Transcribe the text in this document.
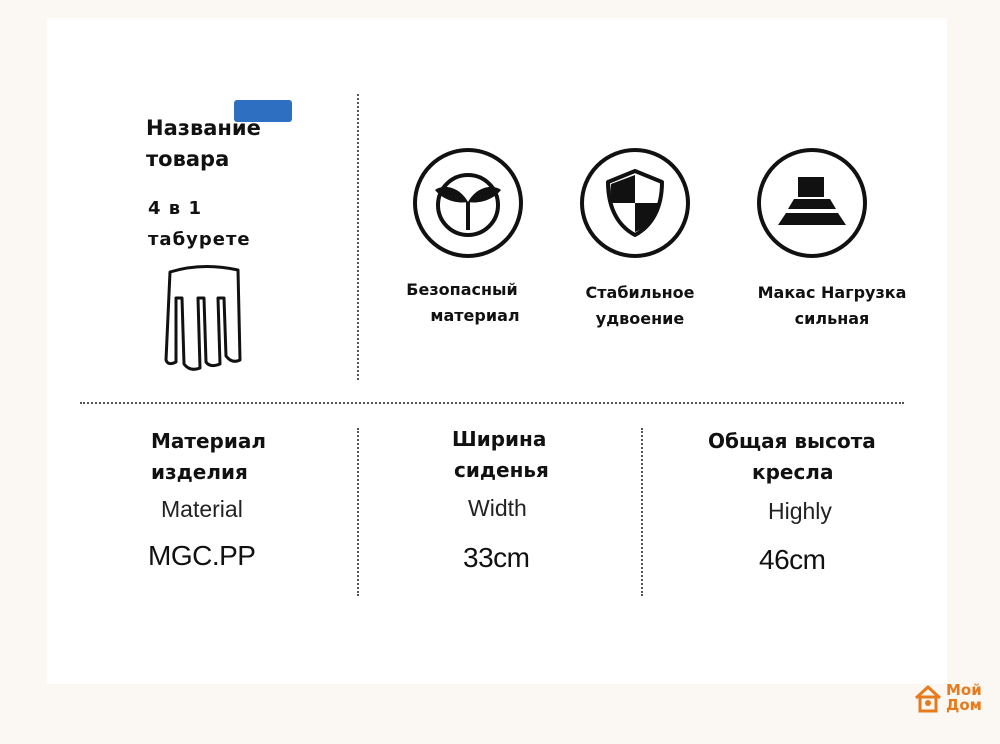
Название товара
4 в 1
табурете
Безопасный
материал
Стабильное
удвоение
Макас Нагрузка
сильная
Материал
изделия
Material
MGC.PP
Ширина
сиденья
Width
33cm
Общая высота
кресла
Highly
46cm
Мой
Дом
